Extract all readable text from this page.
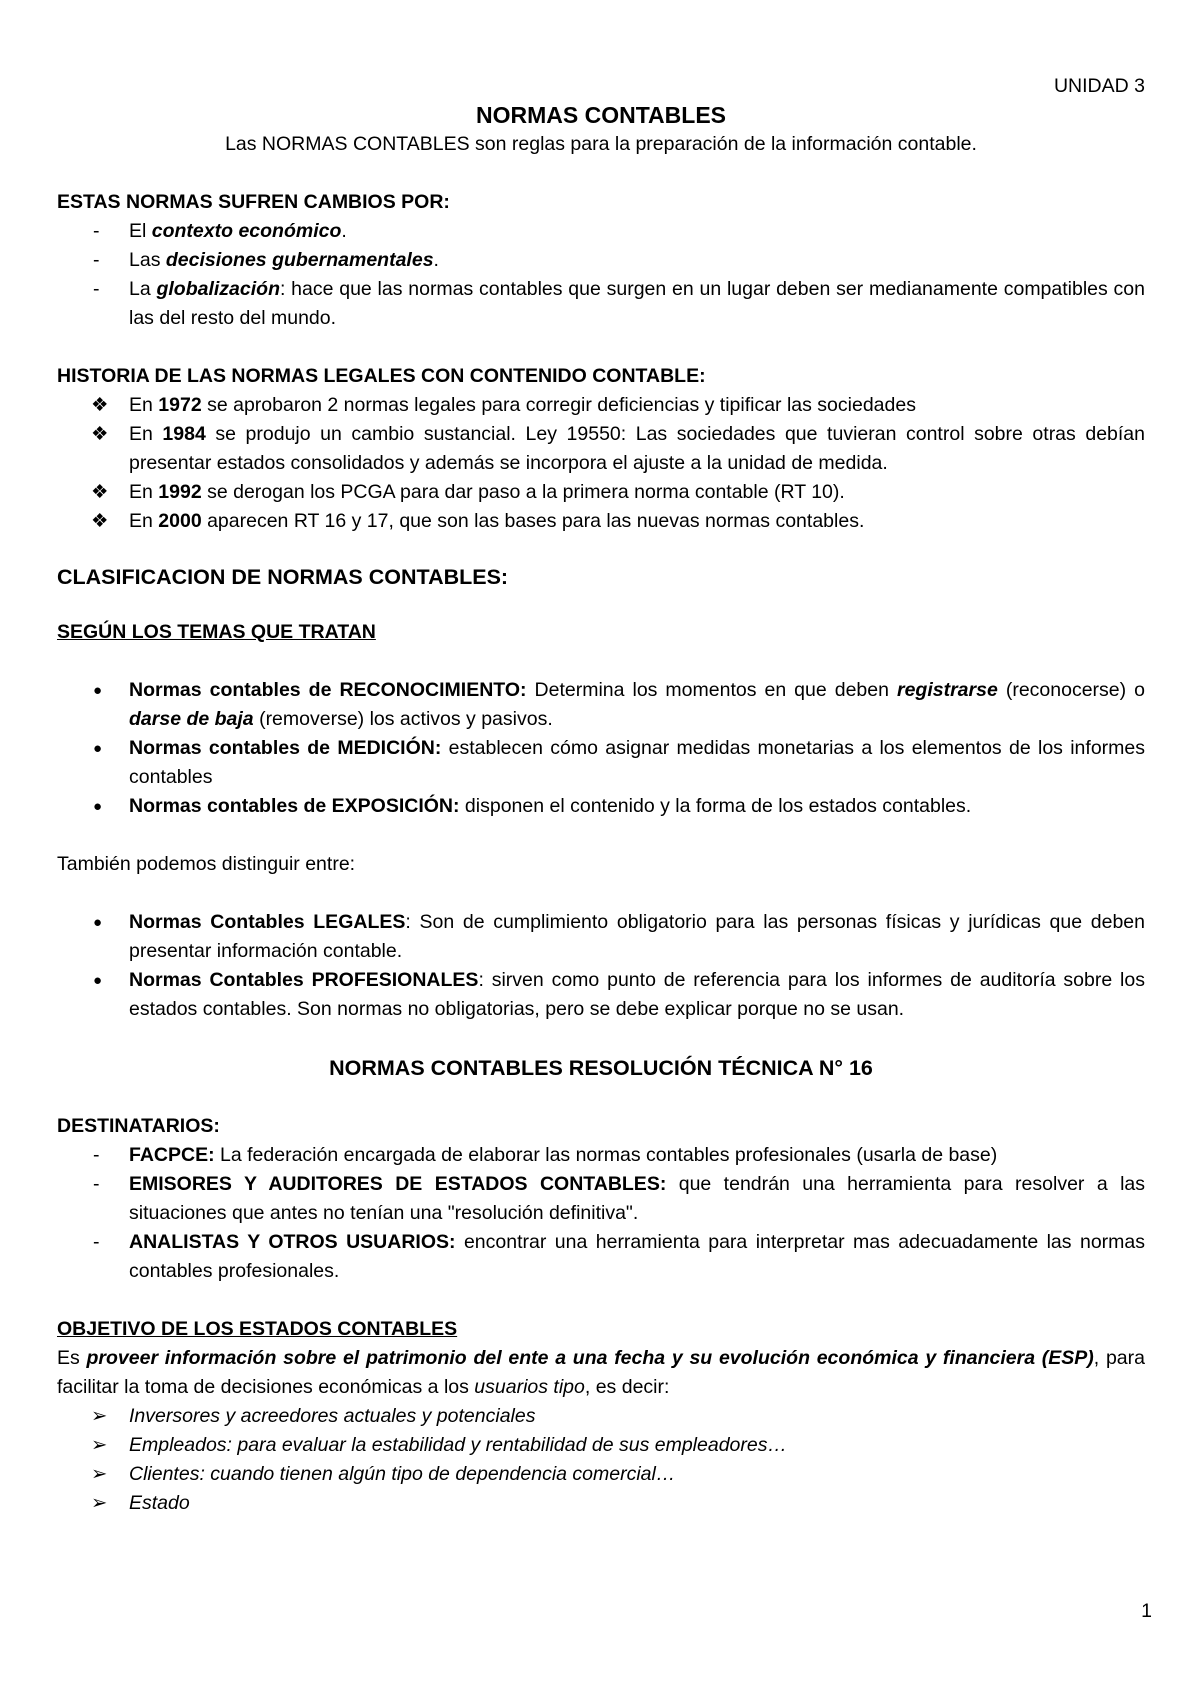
UNIDAD 3

NORMAS CONTABLES

Las NORMAS CONTABLES son reglas para la preparación de la información contable.

ESTAS NORMAS SUFREN CAMBIOS POR:

- El contexto económico.
- Las decisiones gubernamentales.
- La globalización: hace que las normas contables que surgen en un lugar deben ser medianamente compatibles con las del resto del mundo.

HISTORIA DE LAS NORMAS LEGALES CON CONTENIDO CONTABLE:

❖ En 1972 se aprobaron 2 normas legales para corregir deficiencias y tipificar las sociedades
❖ En 1984 se produjo un cambio sustancial. Ley 19550: Las sociedades que tuvieran control sobre otras debían presentar estados consolidados y además se incorpora el ajuste a la unidad de medida.
❖ En 1992 se derogan los PCGA para dar paso a la primera norma contable (RT 10).
❖ En 2000 aparecen RT 16 y 17, que son las bases para las nuevas normas contables.

CLASIFICACION DE NORMAS CONTABLES:

SEGÚN LOS TEMAS QUE TRATAN

● Normas contables de RECONOCIMIENTO: Determina los momentos en que deben registrarse (reconocerse) o darse de baja (removerse) los activos y pasivos.
● Normas contables de MEDICIÓN: establecen cómo asignar medidas monetarias a los elementos de los informes contables
● Normas contables de EXPOSICIÓN: disponen el contenido y la forma de los estados contables.

También podemos distinguir entre:

● Normas Contables LEGALES: Son de cumplimiento obligatorio para las personas físicas y jurídicas que deben presentar información contable.
● Normas Contables PROFESIONALES: sirven como punto de referencia para los informes de auditoría sobre los estados contables. Son normas no obligatorias, pero se debe explicar porque no se usan.

NORMAS CONTABLES RESOLUCIÓN TÉCNICA N° 16

DESTINATARIOS:

- FACPCE: La federación encargada de elaborar las normas contables profesionales (usarla de base)
- EMISORES Y AUDITORES DE ESTADOS CONTABLES: que tendrán una herramienta para resolver a las situaciones que antes no tenían una "resolución definitiva".
- ANALISTAS Y OTROS USUARIOS: encontrar una herramienta para interpretar mas adecuadamente las normas contables profesionales.

OBJETIVO DE LOS ESTADOS CONTABLES

Es proveer información sobre el patrimonio del ente a una fecha y su evolución económica y financiera (ESP), para facilitar la toma de decisiones económicas a los usuarios tipo, es decir:

➢ Inversores y acreedores actuales y potenciales
➢ Empleados: para evaluar la estabilidad y rentabilidad de sus empleadores…
➢ Clientes: cuando tienen algún tipo de dependencia comercial…
➢ Estado
1
